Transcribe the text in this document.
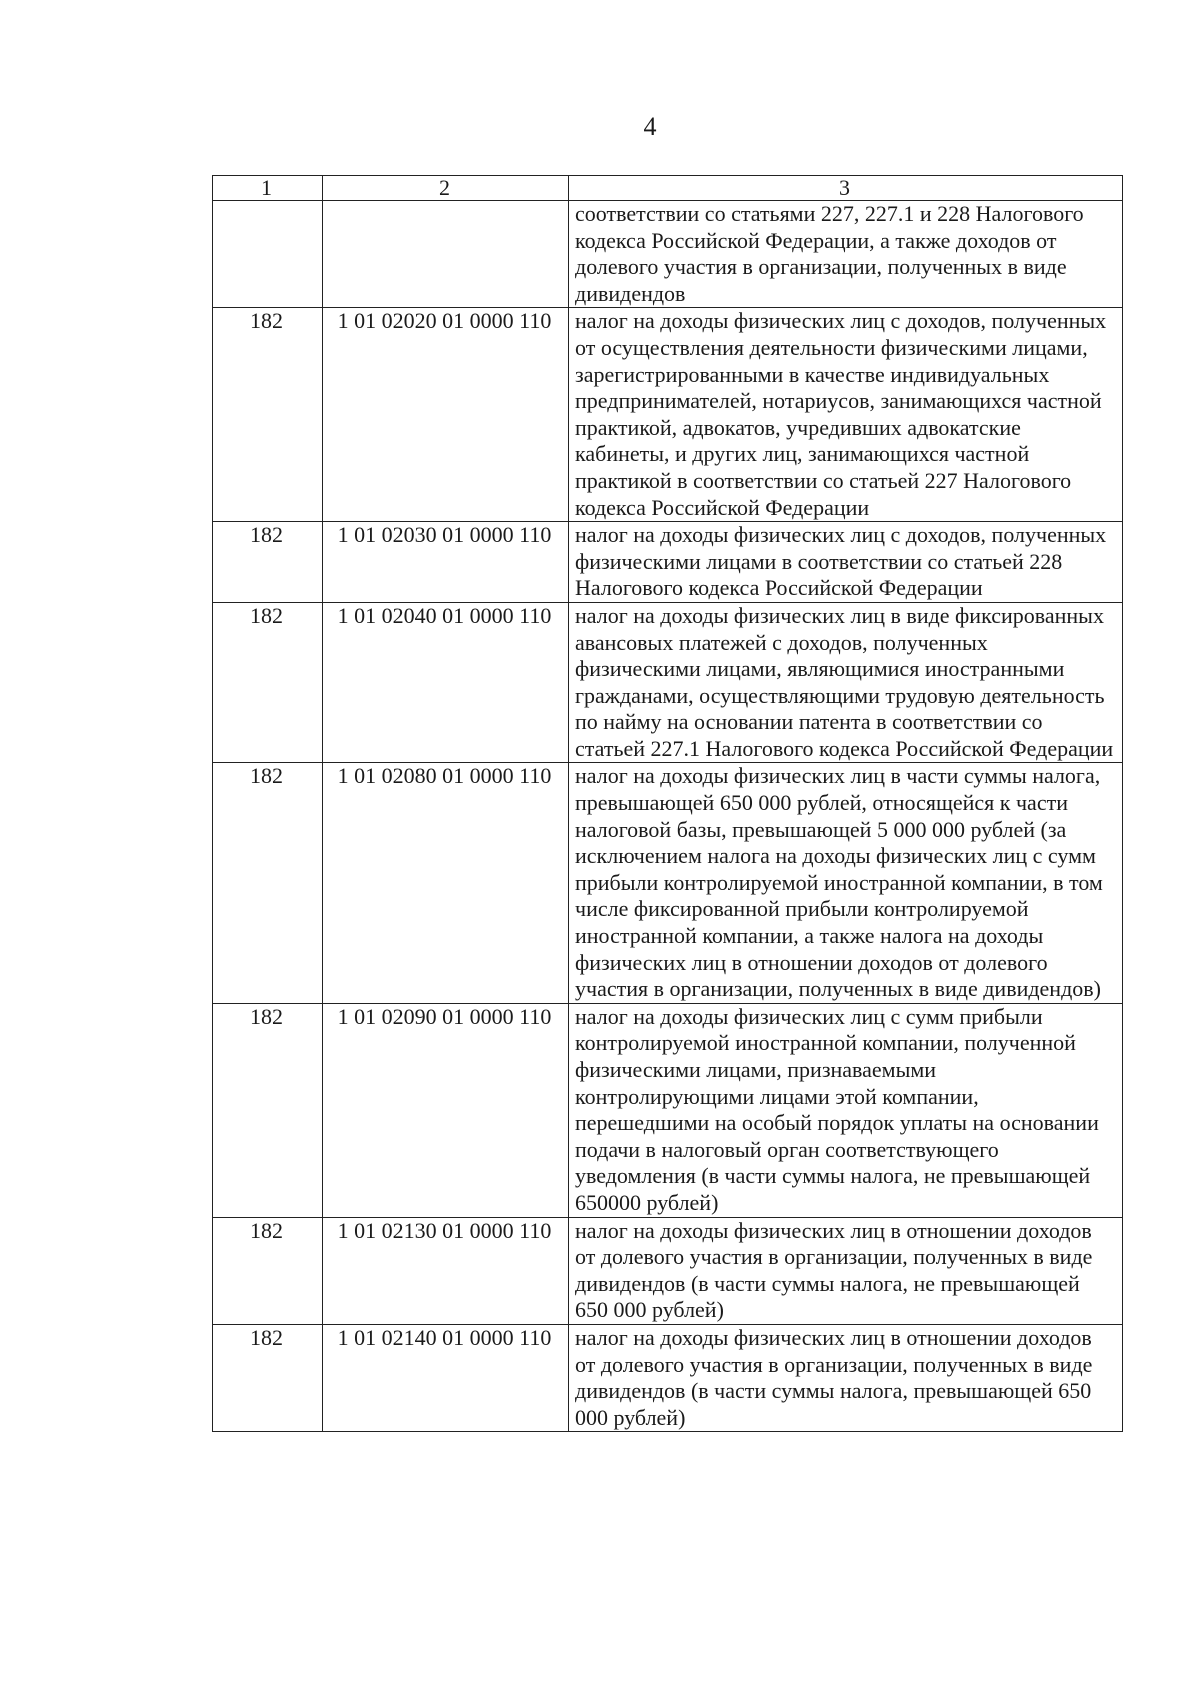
4
1	2	3
		соответствии со статьями 227, 227.1 и 228 Налогового кодекса Российской Федерации, а также доходов от долевого участия в организации, полученных в виде дивидендов
182	1 01 02020 01 0000 110	налог на доходы физических лиц с доходов, полученных от осуществления деятельности физическими лицами, зарегистрированными в качестве индивидуальных предпринимателей, нотариусов, занимающихся частной практикой, адвокатов, учредивших адвокатские кабинеты, и других лиц, занимающихся частной практикой в соответствии со статьей 227 Налогового кодекса Российской Федерации
182	1 01 02030 01 0000 110	налог на доходы физических лиц с доходов, полученных физическими лицами в соответствии со статьей 228 Налогового кодекса Российской Федерации
182	1 01 02040 01 0000 110	налог на доходы физических лиц в виде фиксированных авансовых платежей с доходов, полученных физическими лицами, являющимися иностранными гражданами, осуществляющими трудовую деятельность по найму на основании патента в соответствии со статьей 227.1 Налогового кодекса Российской Федерации
182	1 01 02080 01 0000 110	налог на доходы физических лиц в части суммы налога, превышающей 650 000 рублей, относящейся к части налоговой базы, превышающей 5 000 000 рублей (за исключением налога на доходы физических лиц с сумм прибыли контролируемой иностранной компании, в том числе фиксированной прибыли контролируемой иностранной компании, а также налога на доходы физических лиц в отношении доходов от долевого участия в организации, полученных в виде дивидендов)
182	1 01 02090 01 0000 110	налог на доходы физических лиц с сумм прибыли контролируемой иностранной компании, полученной физическими лицами, признаваемыми контролирующими лицами этой компании, перешедшими на особый порядок уплаты на основании подачи в налоговый орган соответствующего уведомления (в части суммы налога, не превышающей 650000 рублей)
182	1 01 02130 01 0000 110	налог на доходы физических лиц в отношении доходов от долевого участия в организации, полученных в виде дивидендов (в части суммы налога, не превышающей 650 000 рублей)
182	1 01 02140 01 0000 110	налог на доходы физических лиц в отношении доходов от долевого участия в организации, полученных в виде дивидендов (в части суммы налога, превышающей 650 000 рублей)
